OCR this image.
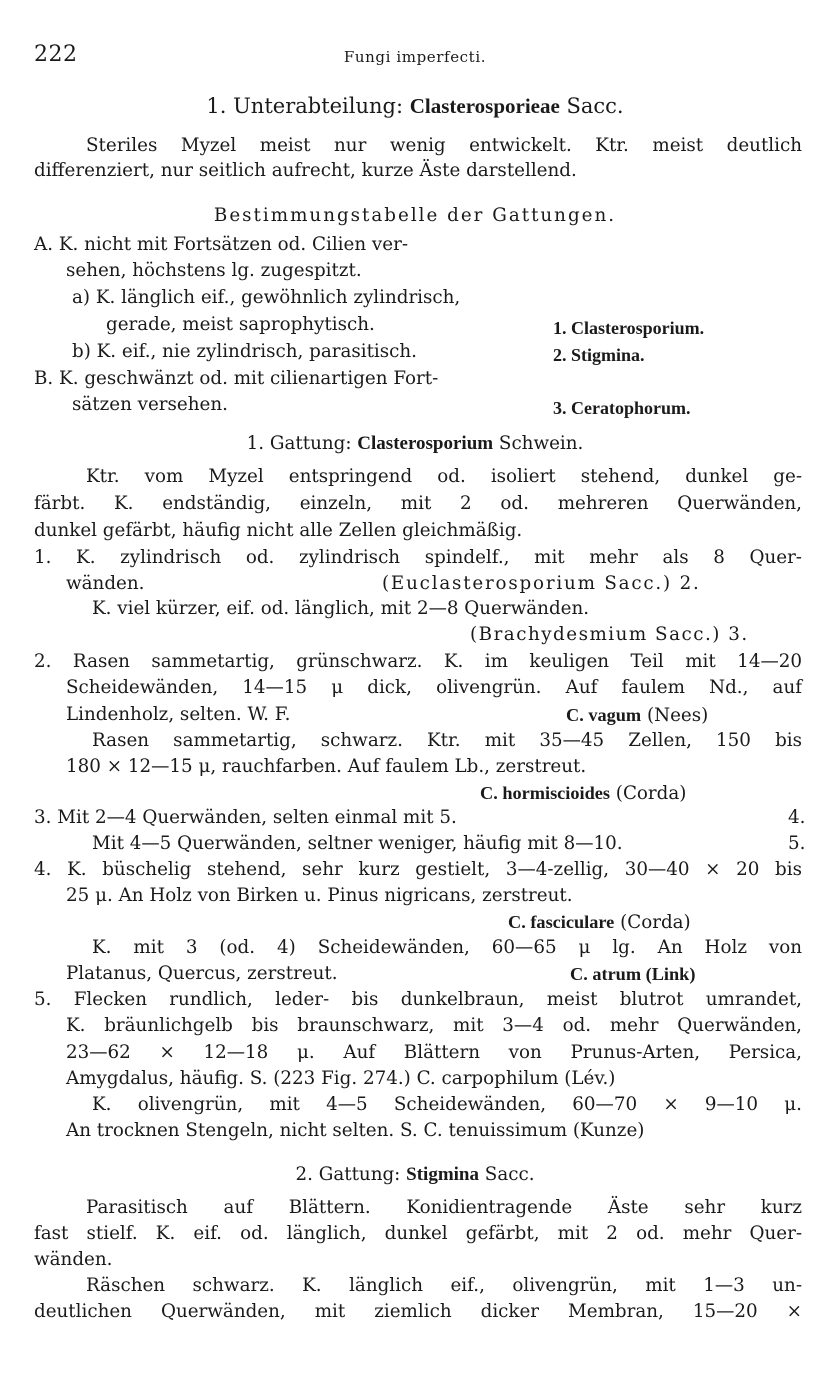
222	Fungi imperfecti.
1. Unterabteilung: Clasterosporieae Sacc.
Steriles Myzel meist nur wenig entwickelt. Ktr. meist deutlich
differenziert, nur seitlich aufrecht, kurze Äste darstellend.
Bestimmungstabelle der Gattungen.
A. K. nicht mit Fortsätzen od. Cilien ver-
sehen, höchstens lg. zugespitzt.
a) K. länglich eif., gewöhnlich zylindrisch,
gerade, meist saprophytisch.	1. Clasterosporium.
b) K. eif., nie zylindrisch, parasitisch.	2. Stigmina.
B. K. geschwänzt od. mit cilienartigen Fort-
sätzen versehen.	3. Ceratophorum.
1. Gattung: Clasterosporium Schwein.
Ktr. vom Myzel entspringend od. isoliert stehend, dunkel ge-
färbt. K. endständig, einzeln, mit 2 od. mehreren Querwänden,
dunkel gefärbt, häufig nicht alle Zellen gleichmäßig.
1. K. zylindrisch od. zylindrisch spindelf., mit mehr als 8 Quer-
wänden.	(Euclasterosporium Sacc.) 2.
K. viel kürzer, eif. od. länglich, mit 2—8 Querwänden.
(Brachydesmium Sacc.) 3.
2. Rasen sammetartig, grünschwarz. K. im keuligen Teil mit 14—20
Scheidewänden, 14—15 μ dick, olivengrün. Auf faulem Nd., auf
Lindenholz, selten. W. F.	C. vagum (Nees)
Rasen sammetartig, schwarz. Ktr. mit 35—45 Zellen, 150 bis
180 × 12—15 μ, rauchfarben. Auf faulem Lb., zerstreut.
C. hormiscioides (Corda)
3. Mit 2—4 Querwänden, selten einmal mit 5.	4.
Mit 4—5 Querwänden, seltner weniger, häufig mit 8—10.	5.
4. K. büschelig stehend, sehr kurz gestielt, 3—4-zellig, 30—40 × 20 bis
25 μ. An Holz von Birken u. Pinus nigricans, zerstreut.
C. fasciculare (Corda)
K. mit 3 (od. 4) Scheidewänden, 60—65 μ lg. An Holz von
Platanus, Quercus, zerstreut.	C. atrum (Link)
5. Flecken rundlich, leder- bis dunkelbraun, meist blutrot umrandet,
K. bräunlichgelb bis braunschwarz, mit 3—4 od. mehr Querwänden,
23—62 × 12—18 μ. Auf Blättern von Prunus-Arten, Persica,
Amygdalus, häufig. S. (223 Fig. 274.) C. carpophilum (Lév.)
K. olivengrün, mit 4—5 Scheidewänden, 60—70 × 9—10 μ.
An trocknen Stengeln, nicht selten. S. C. tenuissimum (Kunze)
2. Gattung: Stigmina Sacc.
Parasitisch auf Blättern. Konidientragende Äste sehr kurz
fast stielf. K. eif. od. länglich, dunkel gefärbt, mit 2 od. mehr Quer-
wänden.
Räschen schwarz. K. länglich eif., olivengrün, mit 1—3 un-
deutlichen Querwänden, mit ziemlich dicker Membran, 15—20 ×
